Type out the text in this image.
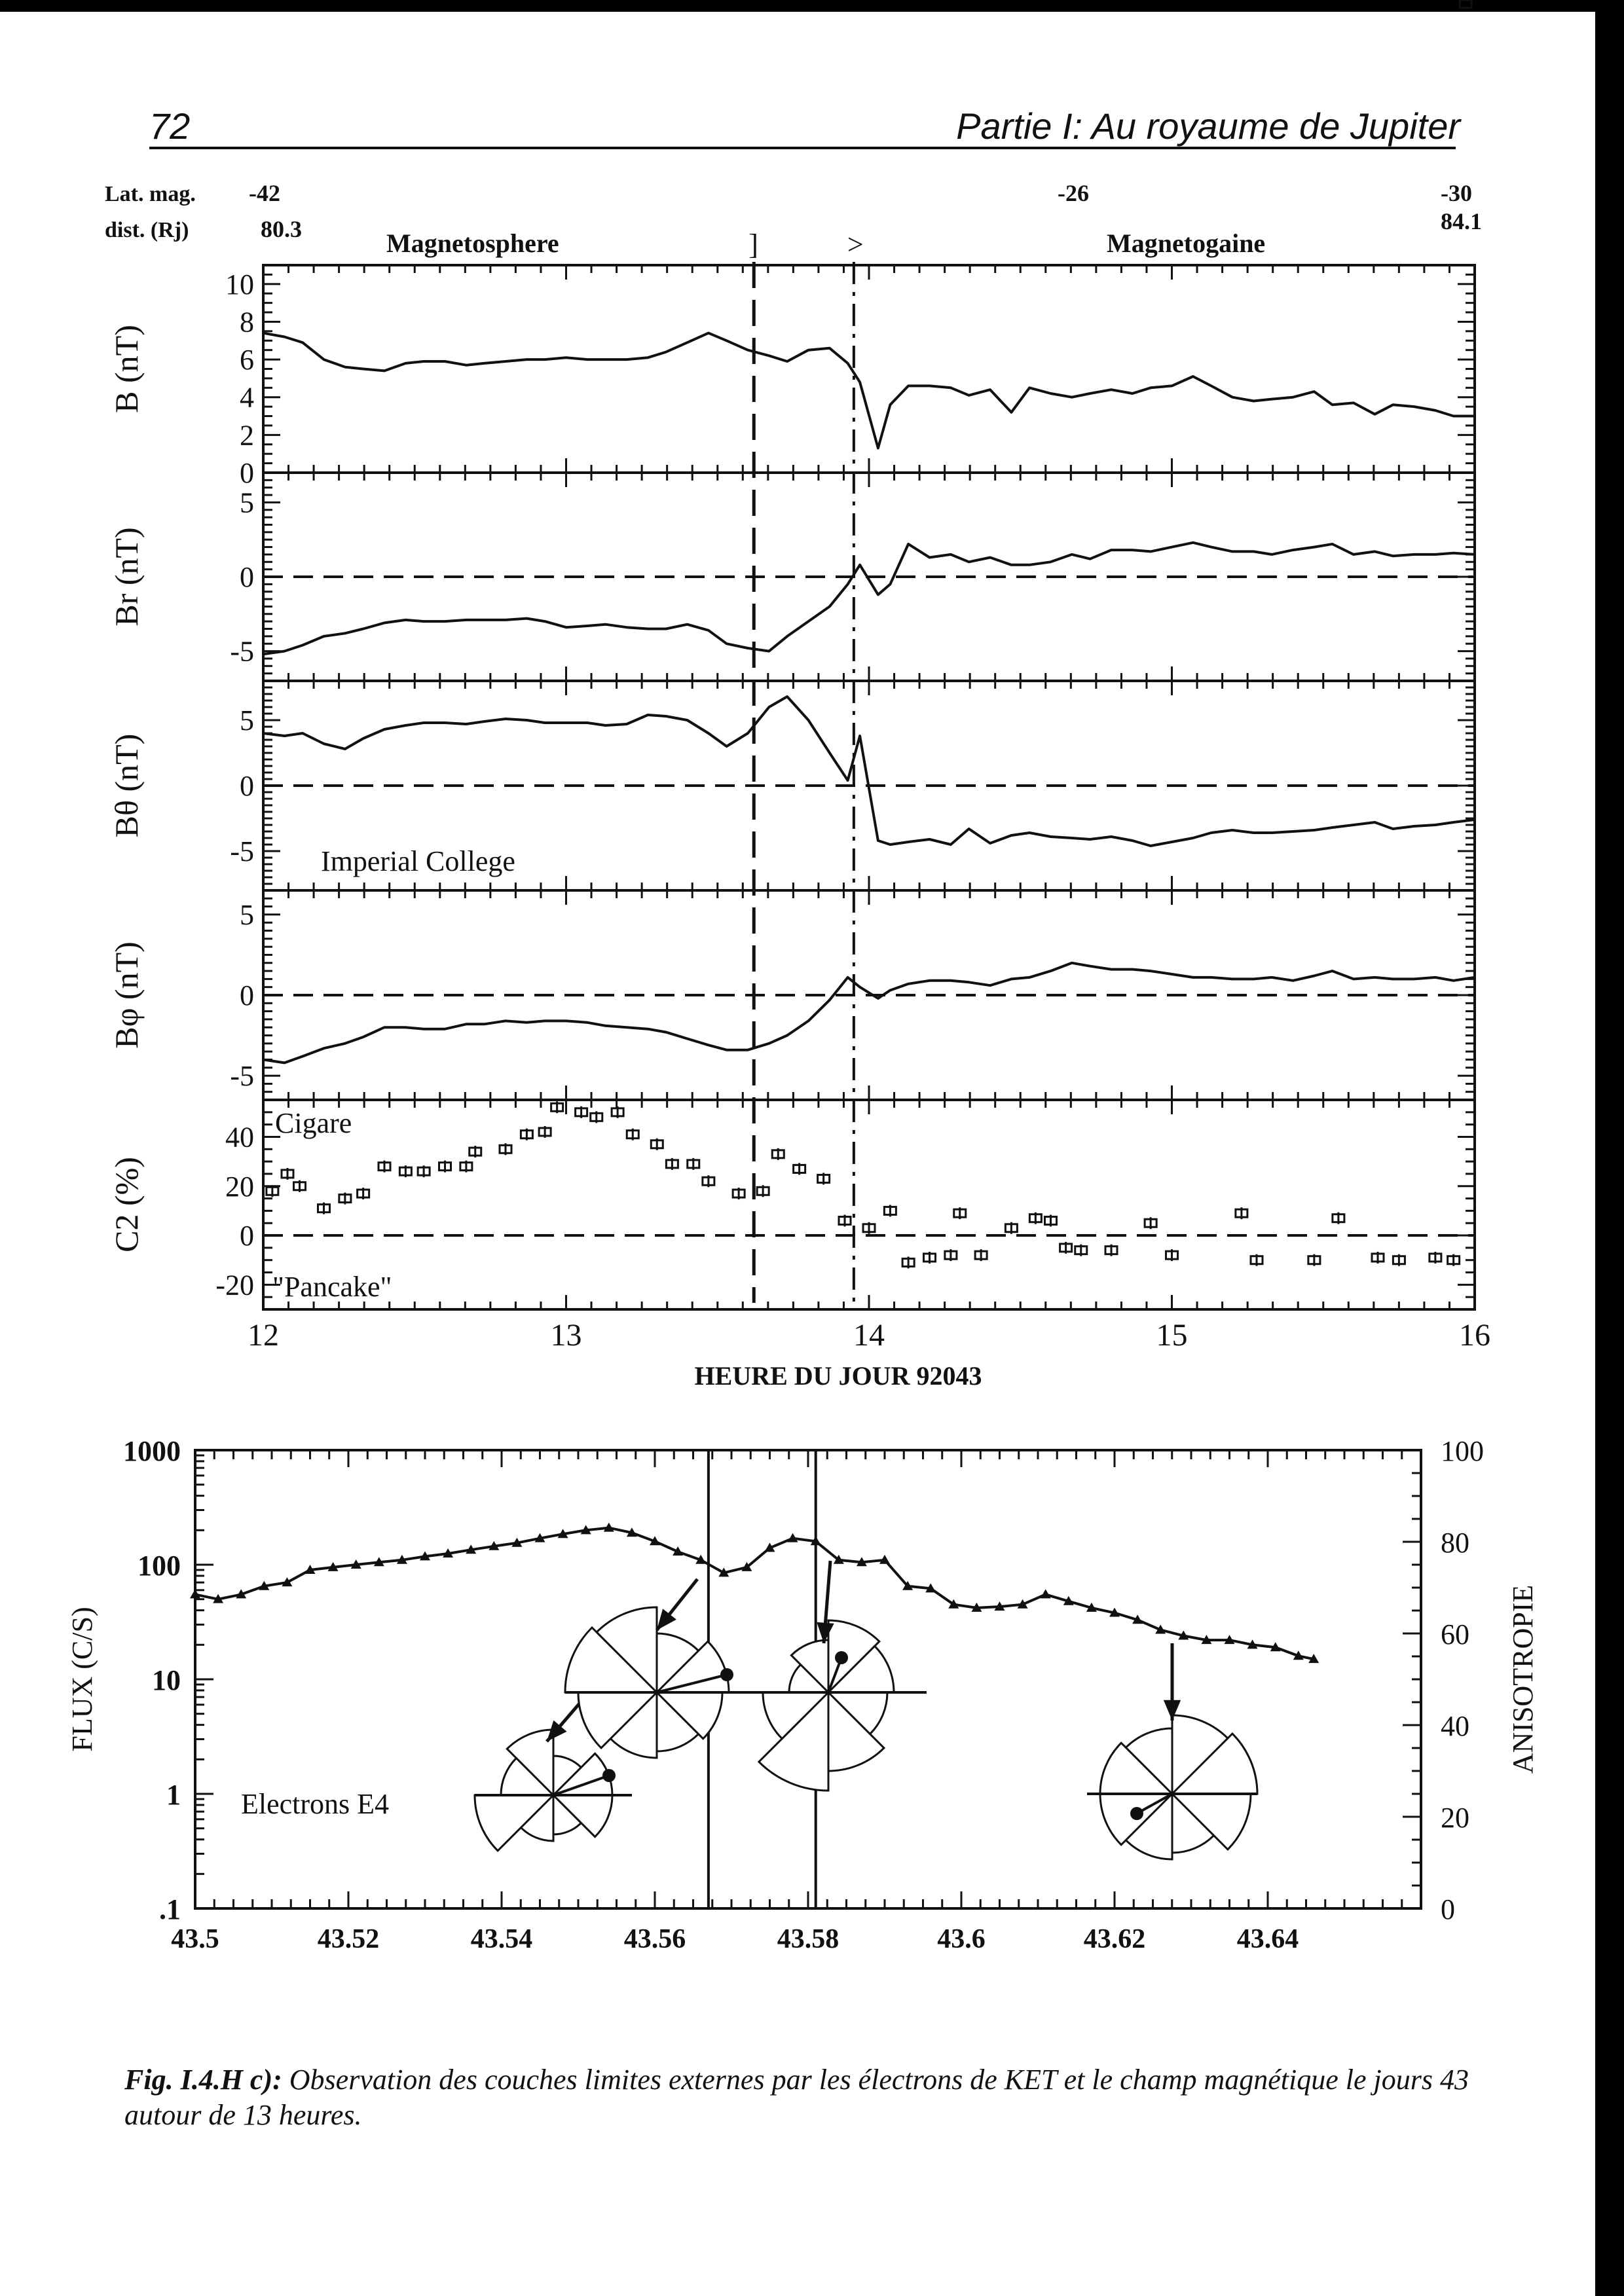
72	Partie I: Au royaume de Jupiter
Lat. mag.
dist. (Rj)
-42	-26	-30
80.3	84.1
Magnetosphere	Magnetogaine
]	>
0
2
4
6
8
10
B (nT)
5
0
-5
Br (nT)
5
0
-5
Bθ (nT)
Imperial College
5
0
-5
Bφ (nT)
40
20
0
-20
C2 (%)
Cigare
"Pancake"
12	13	14	15	16
HEURE DU JOUR 92043
1000
100
10
1
.1
100
80
60
40
20
0
43.5	43.52	43.54	43.56	43.58	43.6	43.62	43.64
FLUX (C/S)	ANISOTROPIE
Electrons E4
Fig. I.4.H c): Observation des couches limites externes par les électrons de KET et le champ magnétique le jours 43 autour de 13 heures.
